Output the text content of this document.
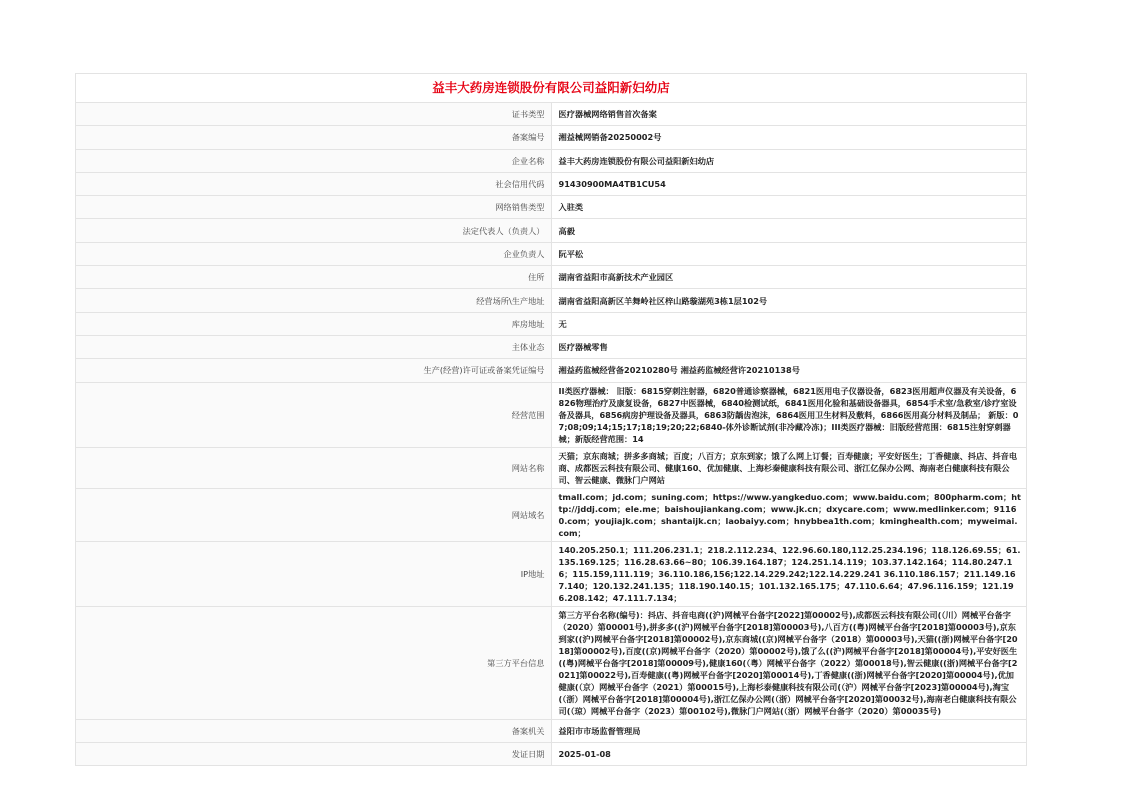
益丰大药房连锁股份有限公司益阳新妇幼店	
证书类型	医疗器械网络销售首次备案
备案编号	湘益械网销备20250002号
企业名称	益丰大药房连锁股份有限公司益阳新妇幼店
社会信用代码	91430900MA4TB1CU54
网络销售类型	入驻类
法定代表人（负责人）	高毅
企业负责人	阮平松
住所	湖南省益阳市高新技术产业园区
经营场所\生产地址	湖南省益阳高新区羊舞岭社区梓山路璇湖苑3栋1层102号
库房地址	无
主体业态	医疗器械零售
生产(经营)许可证或备案凭证编号	湘益药监械经营备20210280号 湘益药监械经营许20210138号
经营范围	II类医疗器械： 旧版：6815穿刺注射器，6820普通诊察器械，6821医用电子仪器设备，6823医用超声仪器及有关设备，6826物理治疗及康复设备，6827中医器械，6840检测试纸，6841医用化验和基础设备器具，6854手术室/急救室/诊疗室设备及器具，6856病房护理设备及器具，6863防龋齿泡沫，6864医用卫生材料及敷料，6866医用高分材料及制品； 新版：07;08;09;14;15;17;18;19;20;22;6840-体外诊断试剂(非冷藏冷冻)；III类医疗器械：旧版经营范围：6815注射穿刺器械；新版经营范围：14
网站名称	天猫；京东商城；拼多多商城；百度；八百方；京东到家；饿了么网上订餐；百寿健康；平安好医生；丁香健康、抖店、抖音电商、成都医云科技有限公司、健康160、优加健康、上海杉秦健康科技有限公司、浙江亿保办公网、海南老白健康科技有限公司、智云健康、微脉门户网站
网站域名	tmall.com；jd.com；suning.com；https://www.yangkeduo.com；www.baidu.com；800pharm.com；http://jddj.com；ele.me；baishoujiankang.com；www.jk.cn；dxycare.com；www.medlinker.com；91160.com；youjiajk.com；shantaijk.cn；laobaiyy.com；hnybbea1th.com；kminghealth.com；myweimai.com；
IP地址	140.205.250.1；111.206.231.1；218.2.112.234、122.96.60.180,112.25.234.196；118.126.69.55；61.135.169.125；116.28.63.66~80；106.39.164.187；124.251.14.119；103.37.142.164；114.80.247.16；115.159,111.119；36.110.186,156;122.14.229.242;122.14.229.241 36.110.186.157；211.149.167.140；120.132.241.135；118.190.140.15；101.132.165.175；47.110.6.64；47.96.116.159；121.196.208.142；47.111.7.134；
第三方平台信息	第三方平台名称(编号)：抖店、抖音电商((沪)网械平台备字[2022]第00002号),成都医云科技有限公司(（川）网械平台备字（2020）第00001号),拼多多((沪)网械平台备字[2018]第00003号),八百方((粤)网械平台备字[2018]第00003号),京东到家((沪)网械平台备字[2018]第00002号),京东商城((京)网械平台备字（2018）第00003号),天猫((浙)网械平台备字[2018]第00002号),百度((京)网械平台备字（2020）第00002号),饿了么((沪)网械平台备字[2018]第00004号),平安好医生((粤)网械平台备字[2018]第00009号),健康160(（粤）网械平台备字（2022）第00018号),智云健康((浙)网械平台备字[2021]第00022号),百寿健康((粤)网械平台备字[2020]第00014号),丁香健康((浙)网械平台备字[2020]第00004号),优加健康(（京）网械平台备字（2021）第00015号),上海杉泰健康科技有限公司(（沪）网械平台备字[2023]第00004号),淘宝(（浙）网械平台备字[2018]第00004号),浙江亿保办公网(（浙）网械平台备字[2020]第00032号),海南老白健康科技有限公司(（琼）网械平台备字（2023）第00102号),微脉门户网站(（浙）网械平台备字（2020）第00035号)
备案机关	益阳市市场监督管理局
发证日期	2025-01-08
